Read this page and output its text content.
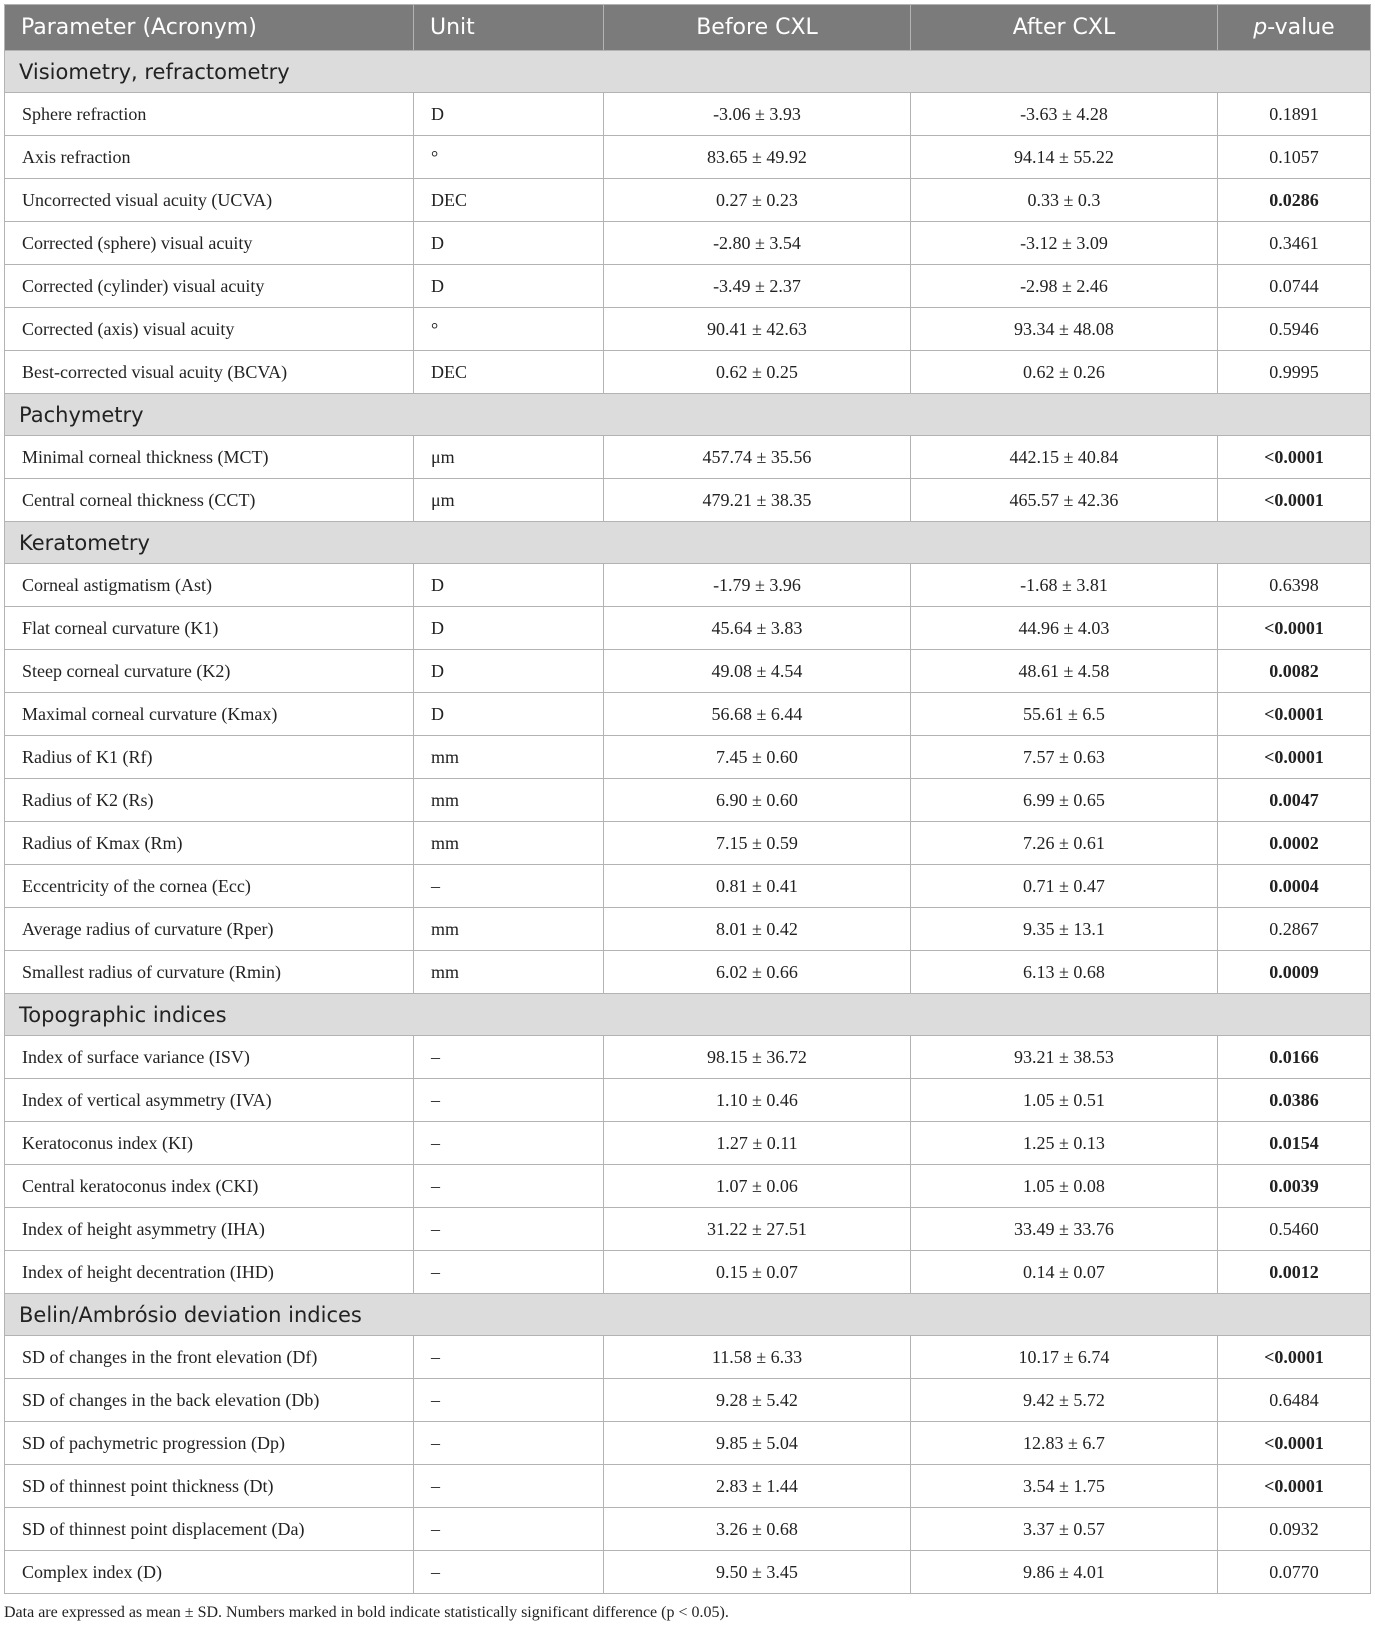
Parameter (Acronym)	Unit	Before CXL	After CXL	p-value
Visiometry, refractometry				
Sphere refraction	D	-3.06 ± 3.93	-3.63 ± 4.28	0.1891
Axis refraction	°	83.65 ± 49.92	94.14 ± 55.22	0.1057
Uncorrected visual acuity (UCVA)	DEC	0.27 ± 0.23	0.33 ± 0.3	0.0286
Corrected (sphere) visual acuity	D	-2.80 ± 3.54	-3.12 ± 3.09	0.3461
Corrected (cylinder) visual acuity	D	-3.49 ± 2.37	-2.98 ± 2.46	0.0744
Corrected (axis) visual acuity	°	90.41 ± 42.63	93.34 ± 48.08	0.5946
Best-corrected visual acuity (BCVA)	DEC	0.62 ± 0.25	0.62 ± 0.26	0.9995
Pachymetry				
Minimal corneal thickness (MCT)	μm	457.74 ± 35.56	442.15 ± 40.84	<0.0001
Central corneal thickness (CCT)	μm	479.21 ± 38.35	465.57 ± 42.36	<0.0001
Keratometry				
Corneal astigmatism (Ast)	D	-1.79 ± 3.96	-1.68 ± 3.81	0.6398
Flat corneal curvature (K1)	D	45.64 ± 3.83	44.96 ± 4.03	<0.0001
Steep corneal curvature (K2)	D	49.08 ± 4.54	48.61 ± 4.58	0.0082
Maximal corneal curvature (Kmax)	D	56.68 ± 6.44	55.61 ± 6.5	<0.0001
Radius of K1 (Rf)	mm	7.45 ± 0.60	7.57 ± 0.63	<0.0001
Radius of K2 (Rs)	mm	6.90 ± 0.60	6.99 ± 0.65	0.0047
Radius of Kmax (Rm)	mm	7.15 ± 0.59	7.26 ± 0.61	0.0002
Eccentricity of the cornea (Ecc)	–	0.81 ± 0.41	0.71 ± 0.47	0.0004
Average radius of curvature (Rper)	mm	8.01 ± 0.42	9.35 ± 13.1	0.2867
Smallest radius of curvature (Rmin)	mm	6.02 ± 0.66	6.13 ± 0.68	0.0009
Topographic indices				
Index of surface variance (ISV)	–	98.15 ± 36.72	93.21 ± 38.53	0.0166
Index of vertical asymmetry (IVA)	–	1.10 ± 0.46	1.05 ± 0.51	0.0386
Keratoconus index (KI)	–	1.27 ± 0.11	1.25 ± 0.13	0.0154
Central keratoconus index (CKI)	–	1.07 ± 0.06	1.05 ± 0.08	0.0039
Index of height asymmetry (IHA)	–	31.22 ± 27.51	33.49 ± 33.76	0.5460
Index of height decentration (IHD)	–	0.15 ± 0.07	0.14 ± 0.07	0.0012
Belin/Ambrósio deviation indices				
SD of changes in the front elevation (Df)	–	11.58 ± 6.33	10.17 ± 6.74	<0.0001
SD of changes in the back elevation (Db)	–	9.28 ± 5.42	9.42 ± 5.72	0.6484
SD of pachymetric progression (Dp)	–	9.85 ± 5.04	12.83 ± 6.7	<0.0001
SD of thinnest point thickness (Dt)	–	2.83 ± 1.44	3.54 ± 1.75	<0.0001
SD of thinnest point displacement (Da)	–	3.26 ± 0.68	3.37 ± 0.57	0.0932
Complex index (D)	–	9.50 ± 3.45	9.86 ± 4.01	0.0770
Data are expressed as mean ± SD. Numbers marked in bold indicate statistically significant difference (p < 0.05).
